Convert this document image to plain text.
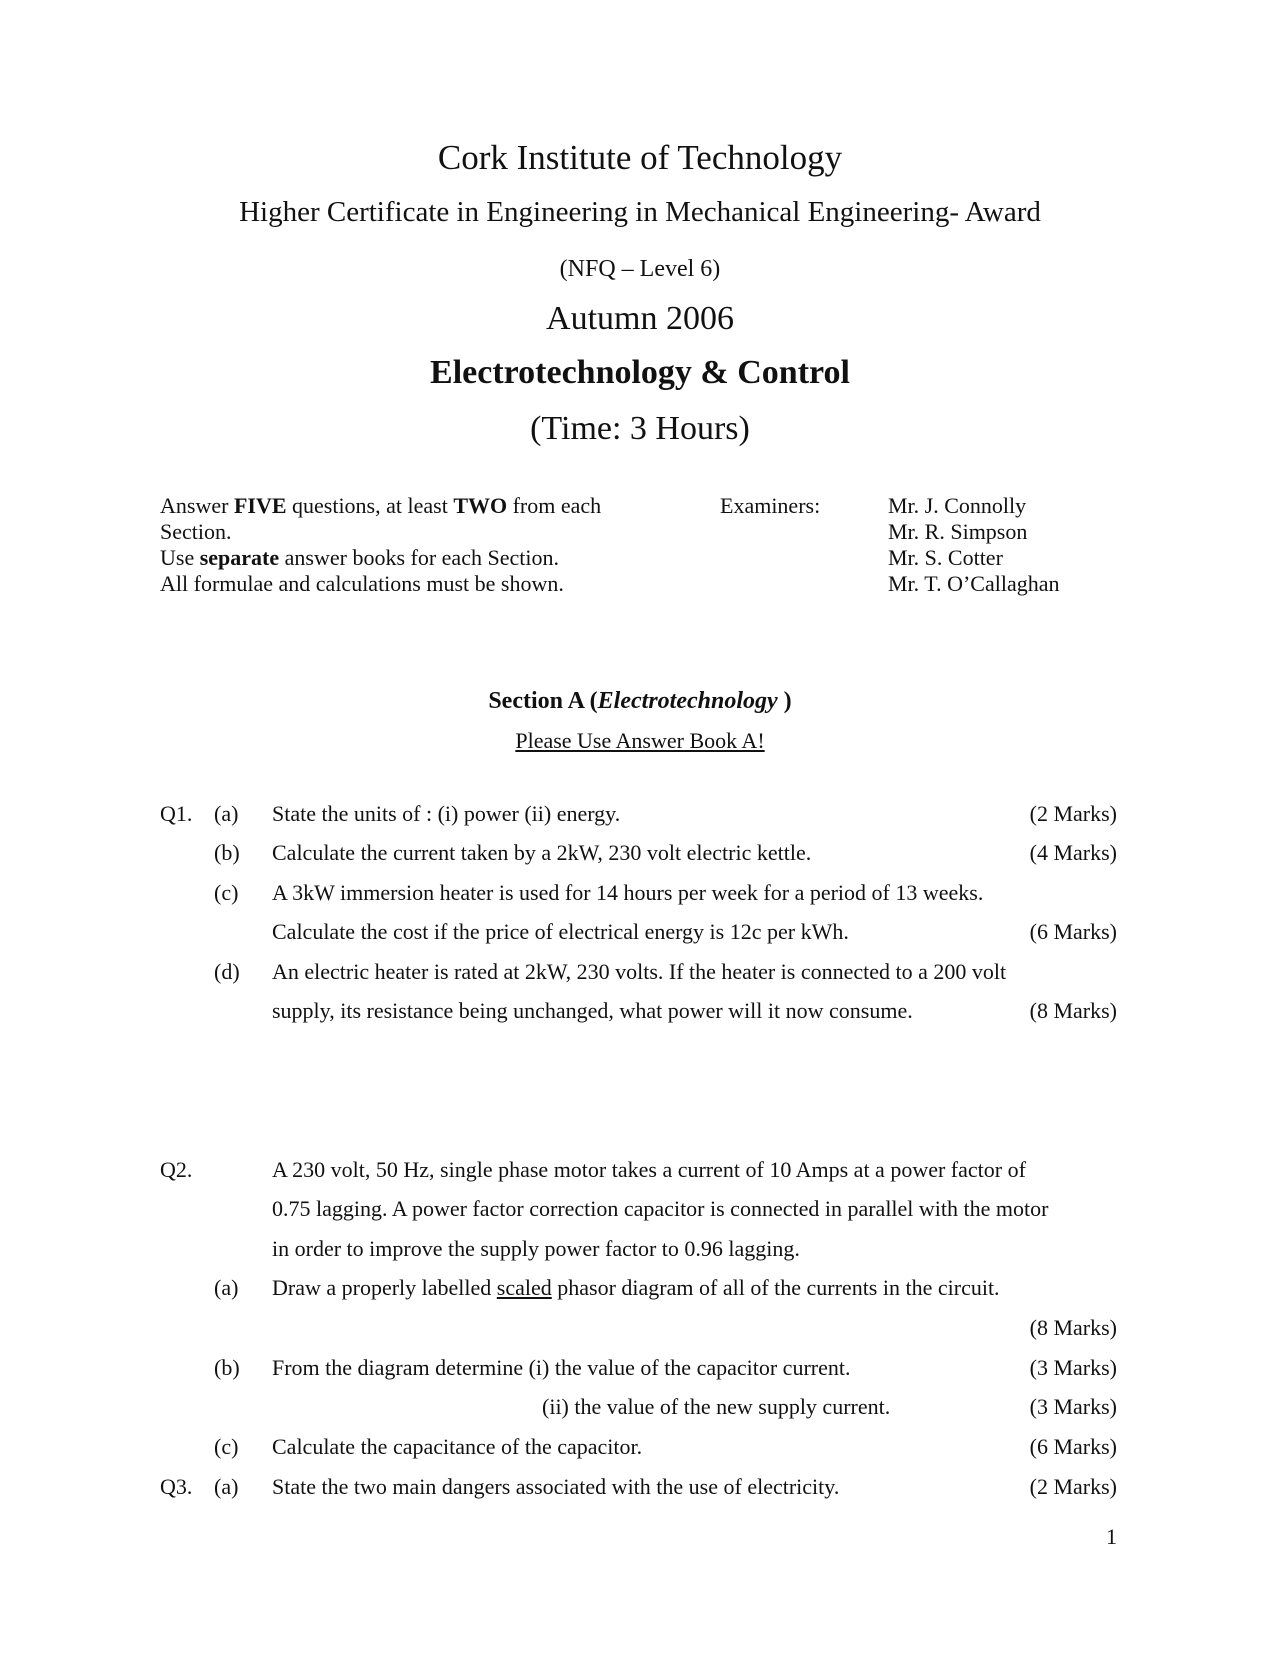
Cork Institute of Technology
Higher Certificate in Engineering in Mechanical Engineering- Award
(NFQ – Level 6)
Autumn 2006
Electrotechnology & Control
(Time: 3 Hours)
Answer FIVE questions, at least TWO from each
Section.
Use separate answer books for each Section.
All formulae and calculations must be shown.
Examiners:	Mr. J. Connolly
Mr. R. Simpson
Mr. S. Cotter
Mr. T. O’Callaghan
Section A (Electrotechnology )
Please Use Answer Book A!
Q1. (a) State the units of : (i) power (ii) energy.	(2 Marks)
(b) Calculate the current taken by a 2kW, 230 volt electric kettle.	(4 Marks)
(c) A 3kW immersion heater is used for 14 hours per week for a period of 13 weeks.
Calculate the cost if the price of electrical energy is 12c per kWh.	(6 Marks)
(d) An electric heater is rated at 2kW, 230 volts. If the heater is connected to a 200 volt
supply, its resistance being unchanged, what power will it now consume.	(8 Marks)
Q2.	A 230 volt, 50 Hz, single phase motor takes a current of 10 Amps at a power factor of
0.75 lagging. A power factor correction capacitor is connected in parallel with the motor
in order to improve the supply power factor to 0.96 lagging.
(a) Draw a properly labelled scaled phasor diagram of all of the currents in the circuit.
(8 Marks)
(b) From the diagram determine (i) the value of the capacitor current.	(3 Marks)
(ii) the value of the new supply current.	(3 Marks)
(c) Calculate the capacitance of the capacitor.	(6 Marks)
Q3. (a) State the two main dangers associated with the use of electricity.	(2 Marks)
1
